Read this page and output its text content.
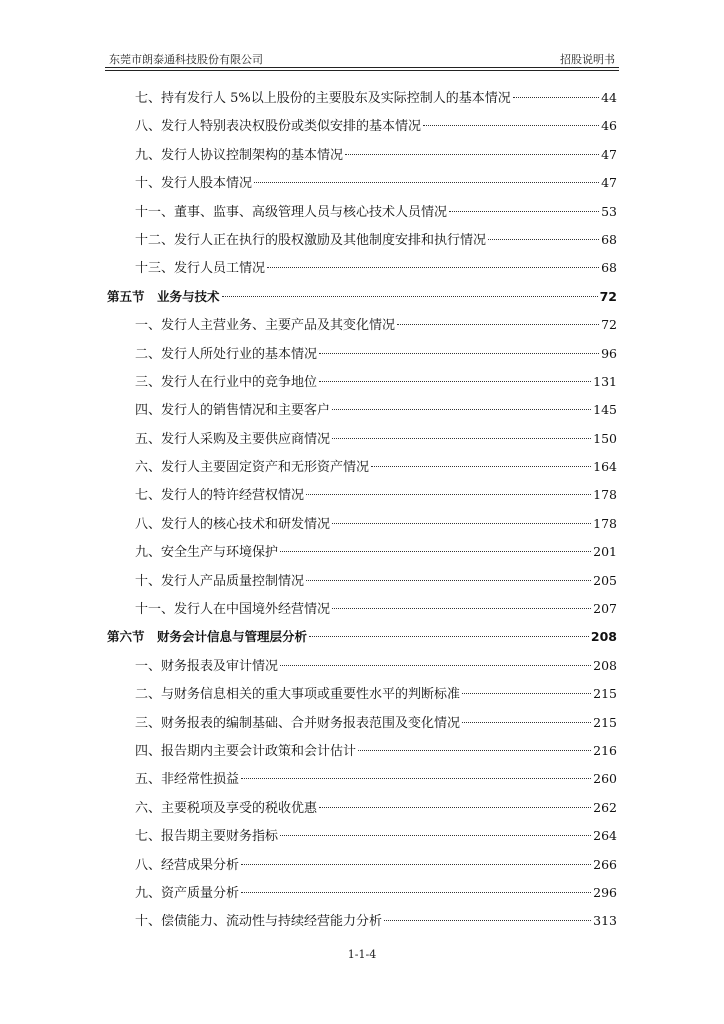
东莞市朗泰通科技股份有限公司	招股说明书
七、持有发行人 5%以上股份的主要股东及实际控制人的基本情况	44
八、发行人特别表决权股份或类似安排的基本情况	46
九、发行人协议控制架构的基本情况	47
十、发行人股本情况	47
十一、董事、监事、高级管理人员与核心技术人员情况	53
十二、发行人正在执行的股权激励及其他制度安排和执行情况	68
十三、发行人员工情况	68
第五节　业务与技术	72
一、发行人主营业务、主要产品及其变化情况	72
二、发行人所处行业的基本情况	96
三、发行人在行业中的竞争地位	131
四、发行人的销售情况和主要客户	145
五、发行人采购及主要供应商情况	150
六、发行人主要固定资产和无形资产情况	164
七、发行人的特许经营权情况	178
八、发行人的核心技术和研发情况	178
九、安全生产与环境保护	201
十、发行人产品质量控制情况	205
十一、发行人在中国境外经营情况	207
第六节　财务会计信息与管理层分析	208
一、财务报表及审计情况	208
二、与财务信息相关的重大事项或重要性水平的判断标准	215
三、财务报表的编制基础、合并财务报表范围及变化情况	215
四、报告期内主要会计政策和会计估计	216
五、非经常性损益	260
六、主要税项及享受的税收优惠	262
七、报告期主要财务指标	264
八、经营成果分析	266
九、资产质量分析	296
十、偿债能力、流动性与持续经营能力分析	313
1-1-4
